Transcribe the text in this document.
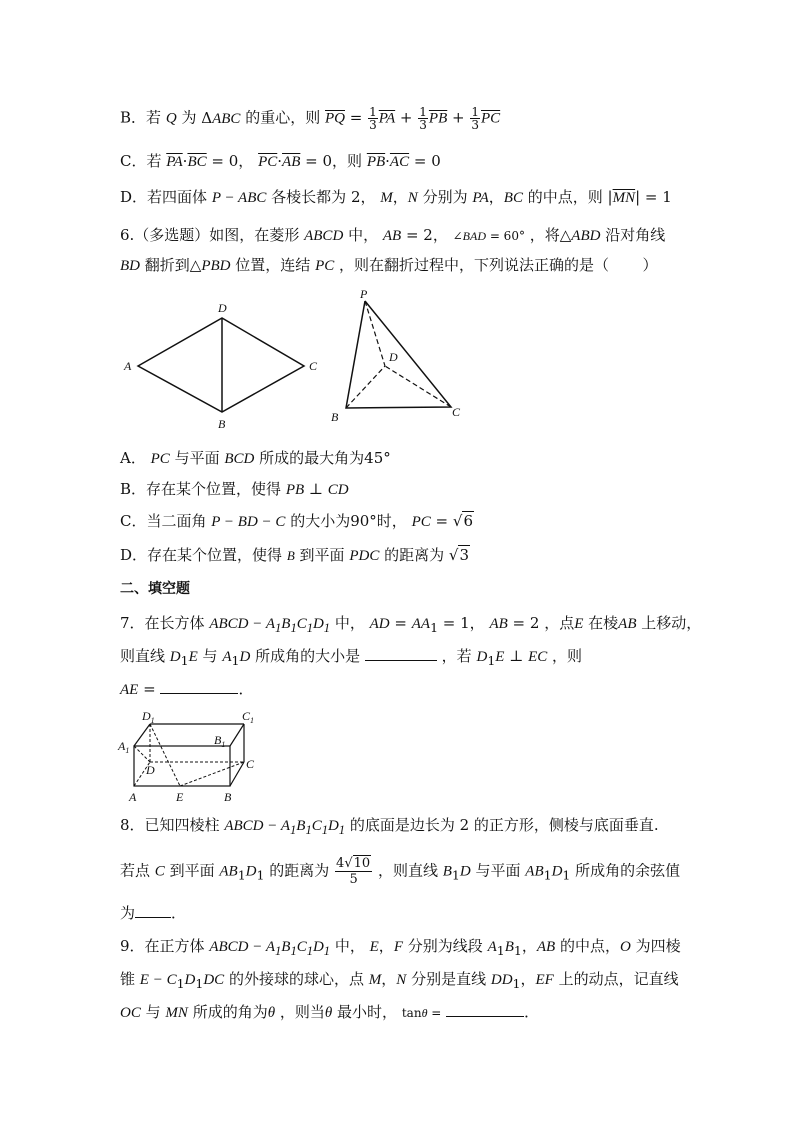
B．若 Q 为 ΔABC 的重心，则 $\overline{PQ} = \frac{1}{3} \overline{PA} + \frac{1}{3} \overline{PB} + \frac{1}{3} \overline{PC}$
C．若 $\overline{PA}\cdot\overline{BC} = 0$， $\overline{PC}\cdot\overline{AB} = 0$，则 $\overline{PB}\cdot\overline{AC} = 0$
D．若四面体 P − ABC 各棱长都为 2， M，N 分别为 PA，BC 的中点，则 $|\overline{MN}| = 1$
6.（多选题）如图，在菱形 ABCD 中， AB = 2， ∠BAD = 60° ，将△ABD 沿对角线
BD 翻折到△PBD 位置，连结 PC ，则在翻折过程中，下列说法正确的是（ ）
A
D
C
B
P
D
B	C
A． PC 与平面 BCD 所成的最大角为45°
B．存在某个位置，使得 PB ⊥ CD
C．当二面角 P − BD − C 的大小为90°时， PC = √6
D．存在某个位置，使得 B 到平面 PDC 的距离为 √3
二、填空题
7．在长方体 ABCD − $A_1B_1C_1D_1$ 中， AD = $AA_1 = 1$， AB = 2 ，点E 在棱AB 上移动，
则直线 $D_1E$ 与 $A_1D$ 所成角的大小是	，若 $D_1E$ ⊥ EC ，则
AE =	．
$D_1$	$C_1$
$A_1$
$B_1$
D	C
A	E	B
8．已知四棱柱 ABCD − $A_1B_1C_1D_1$ 的底面是边长为 2 的正方形，侧棱与底面垂直.
若点 C 到平面 $AB_1D_1$ 的距离为 $\frac{4√10}{5}$ ，则直线 $B_1D$ 与平面 $AB_1D_1$ 所成角的余弦值
为 ．
9．在正方体 ABCD − $A_1B_1C_1D_1$ 中， E，F 分别为线段 $A_1B_1$，AB 的中点，O 为四棱
锥 $E - C_1D_1DC$ 的外接球的球心，点 M，N 分别是直线 $DD_1$，EF 上的动点，记直线
OC 与 MN 所成的角为θ ，则当θ 最小时， tanθ =	．
